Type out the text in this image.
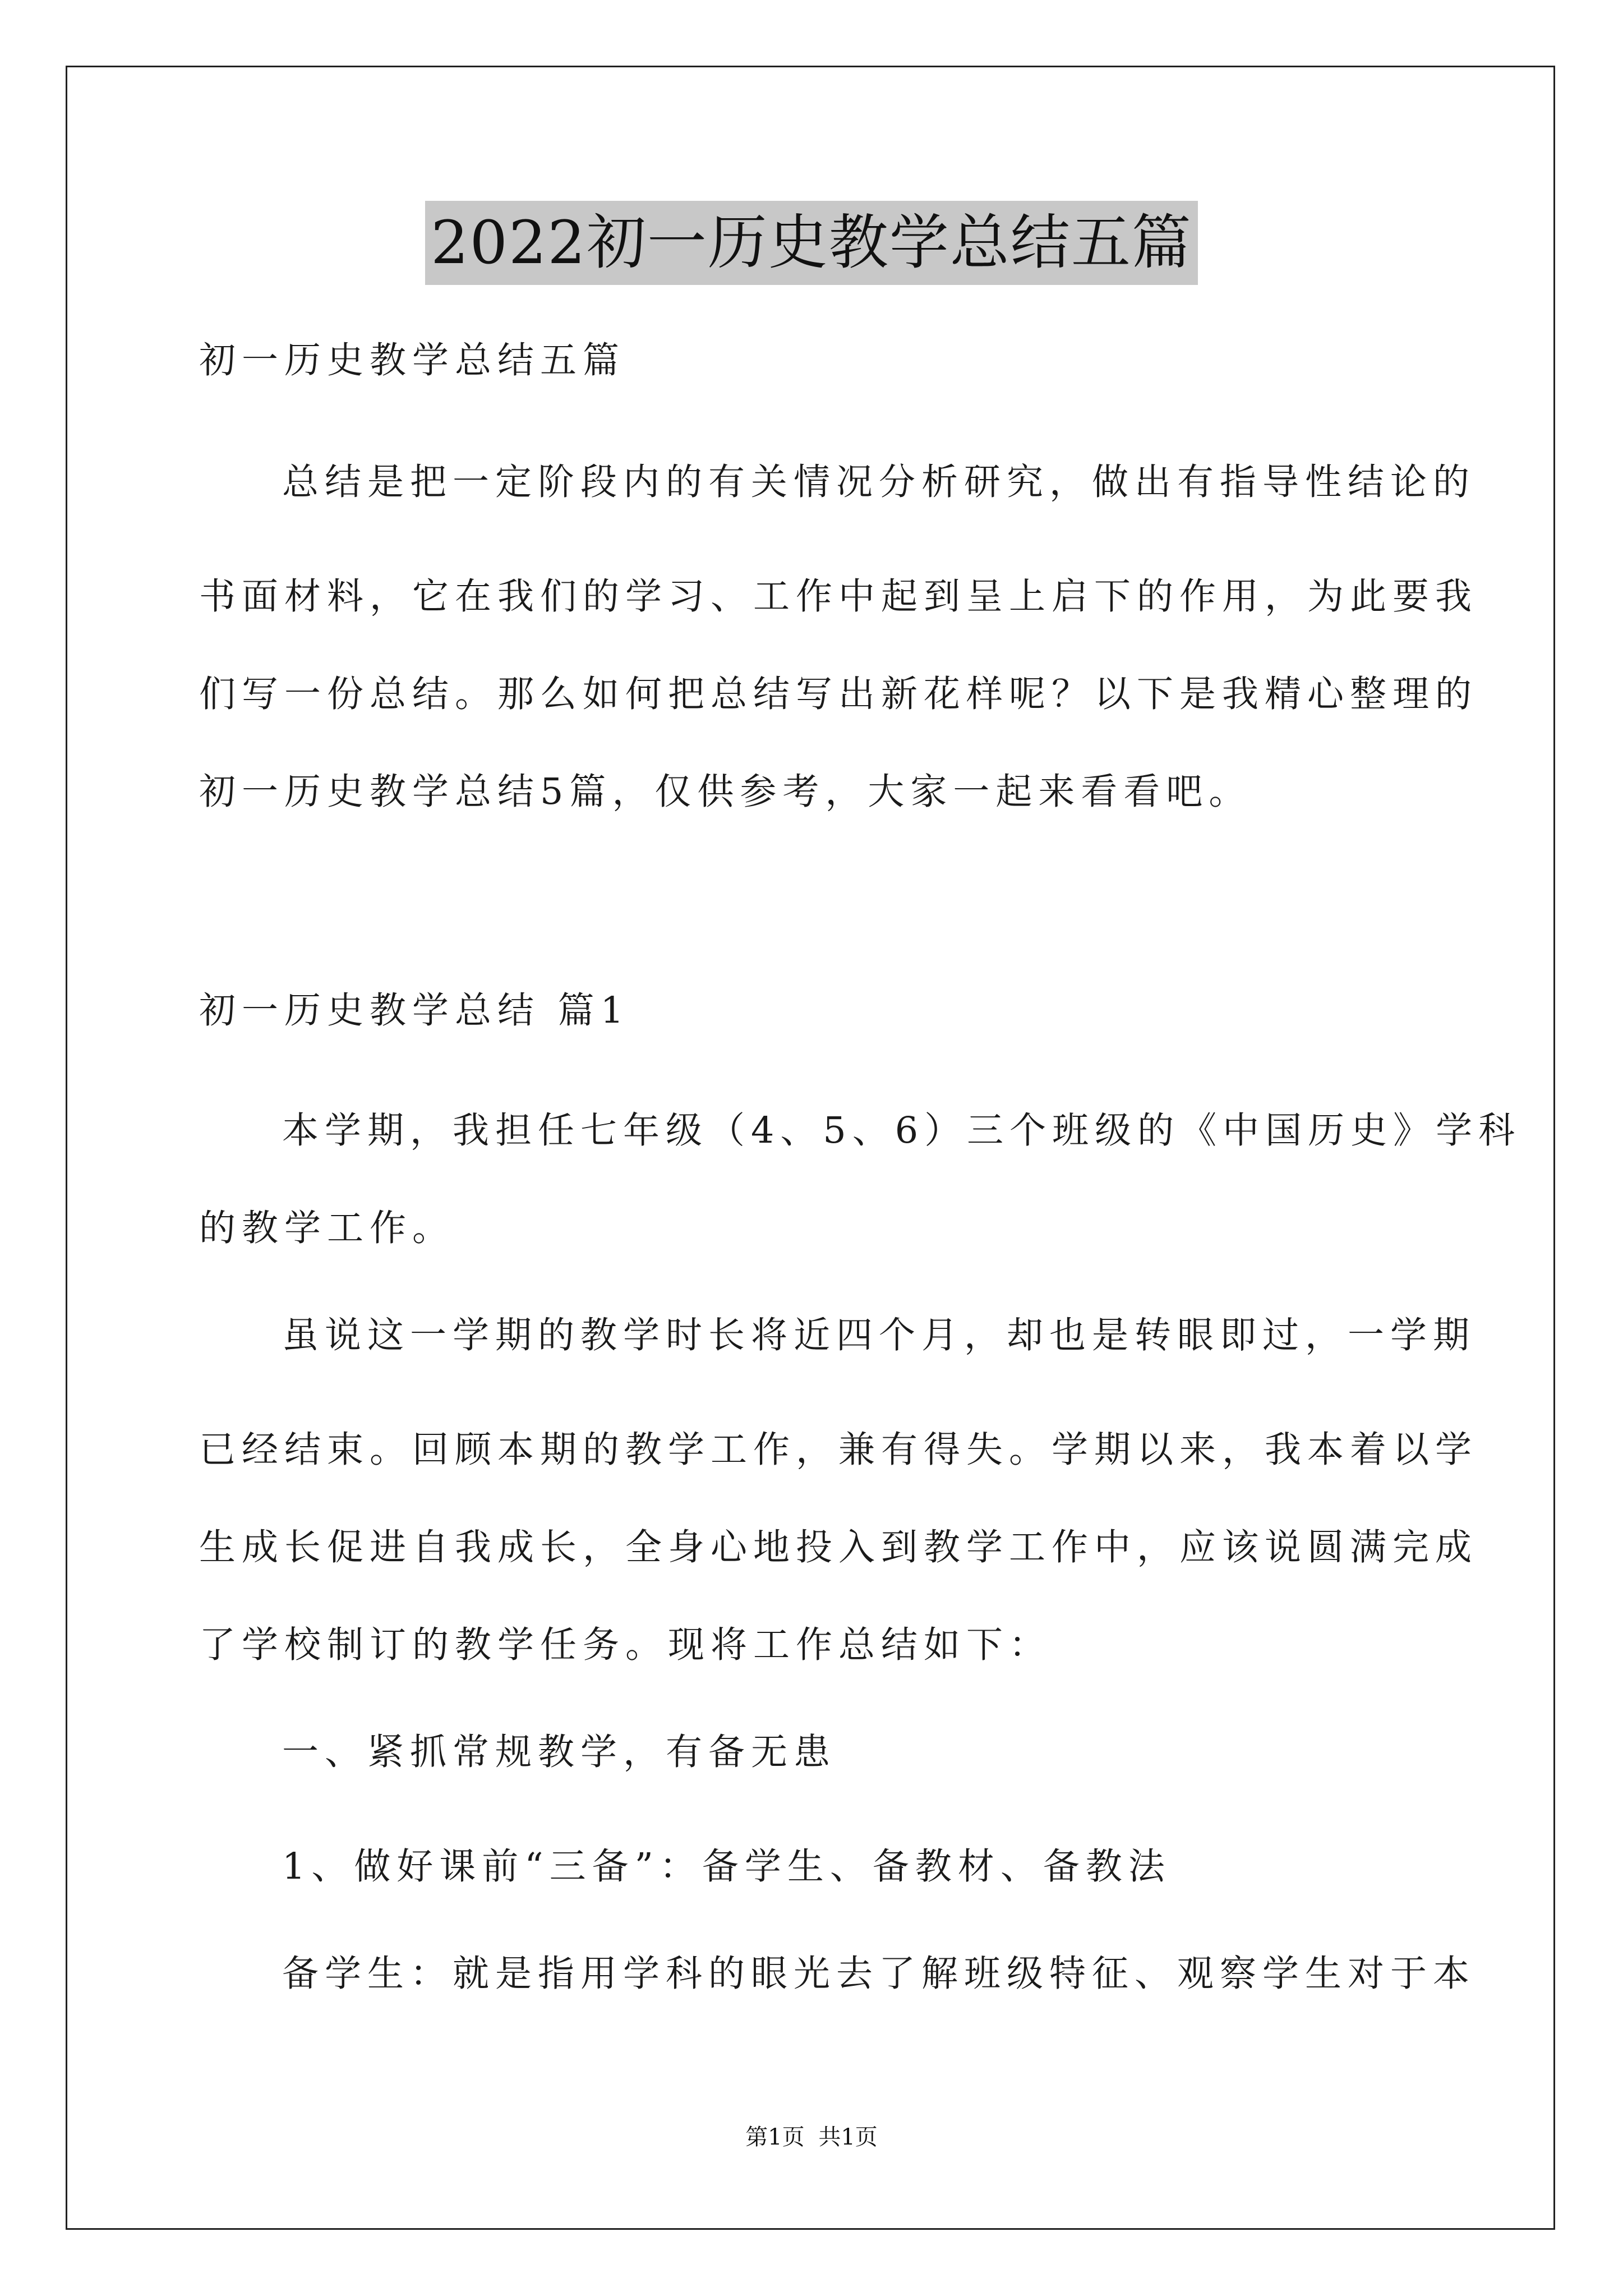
2022初一历史教学总结五篇
初一历史教学总结五篇
总结是把一定阶段内的有关情况分析研究，做出有指导性结论的
书面材料，它在我们的学习、工作中起到呈上启下的作用，为此要我
们写一份总结。那么如何把总结写出新花样呢？以下是我精心整理的
初一历史教学总结5篇，仅供参考，大家一起来看看吧。
初一历史教学总结 篇1
本学期，我担任七年级（4、5、6）三个班级的《中国历史》学科
的教学工作。
虽说这一学期的教学时长将近四个月，却也是转眼即过，一学期
已经结束。回顾本期的教学工作，兼有得失。学期以来，我本着以学
生成长促进自我成长，全身心地投入到教学工作中，应该说圆满完成
了学校制订的教学任务。现将工作总结如下：
一、紧抓常规教学，有备无患
1、做好课前“三备”：备学生、备教材、备教法
备学生：就是指用学科的眼光去了解班级特征、观察学生对于本
第1页 共1页
